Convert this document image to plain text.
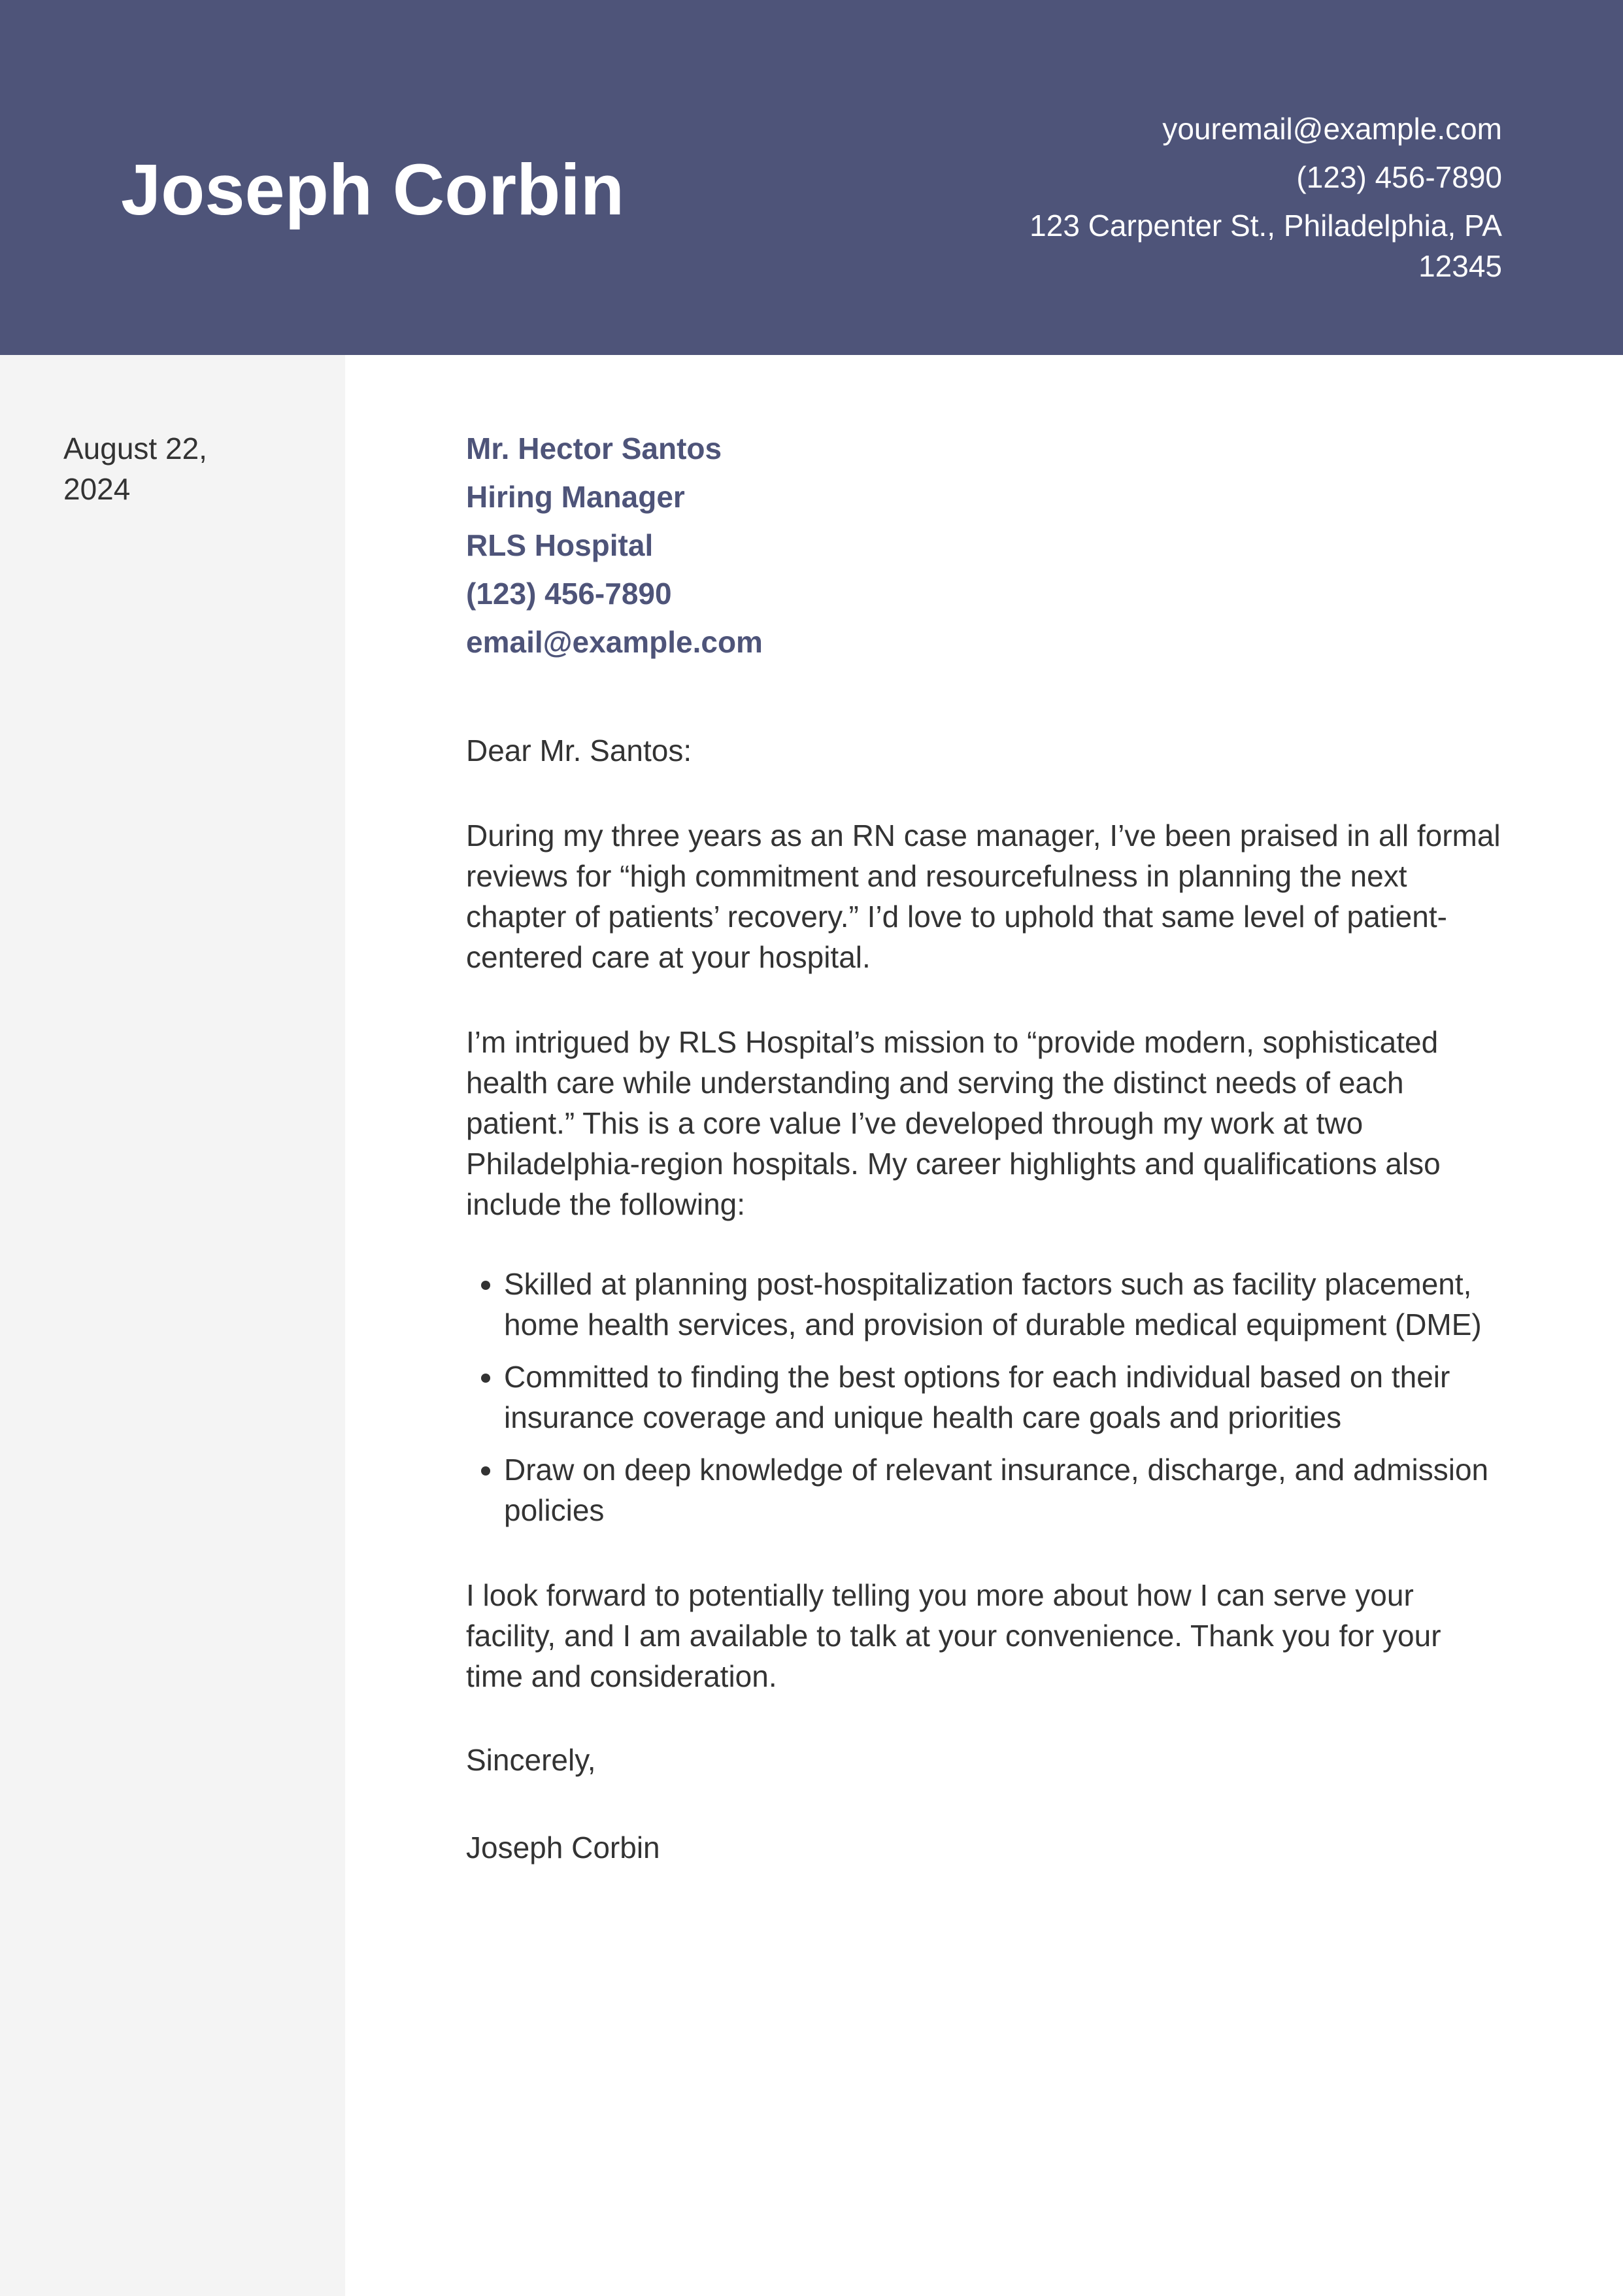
Joseph Corbin
youremail@example.com
(123) 456-7890
123 Carpenter St., Philadelphia, PA
12345
August 22,
2024
Mr. Hector Santos
Hiring Manager
RLS Hospital
(123) 456-7890
email@example.com
Dear Mr. Santos:
During my three years as an RN case manager, I’ve been praised in all formal reviews for “high commitment and resourcefulness in planning the next chapter of patients’ recovery.” I’d love to uphold that same level of patient-centered care at your hospital.
I’m intrigued by RLS Hospital’s mission to “provide modern, sophisticated health care while understanding and serving the distinct needs of each patient.” This is a core value I’ve developed through my work at two Philadelphia-region hospitals. My career highlights and qualifications also include the following:
• Skilled at planning post-hospitalization factors such as facility placement, home health services, and provision of durable medical equipment (DME)
• Committed to finding the best options for each individual based on their insurance coverage and unique health care goals and priorities
• Draw on deep knowledge of relevant insurance, discharge, and admission policies
I look forward to potentially telling you more about how I can serve your facility, and I am available to talk at your convenience. Thank you for your time and consideration.
Sincerely,
Joseph Corbin
